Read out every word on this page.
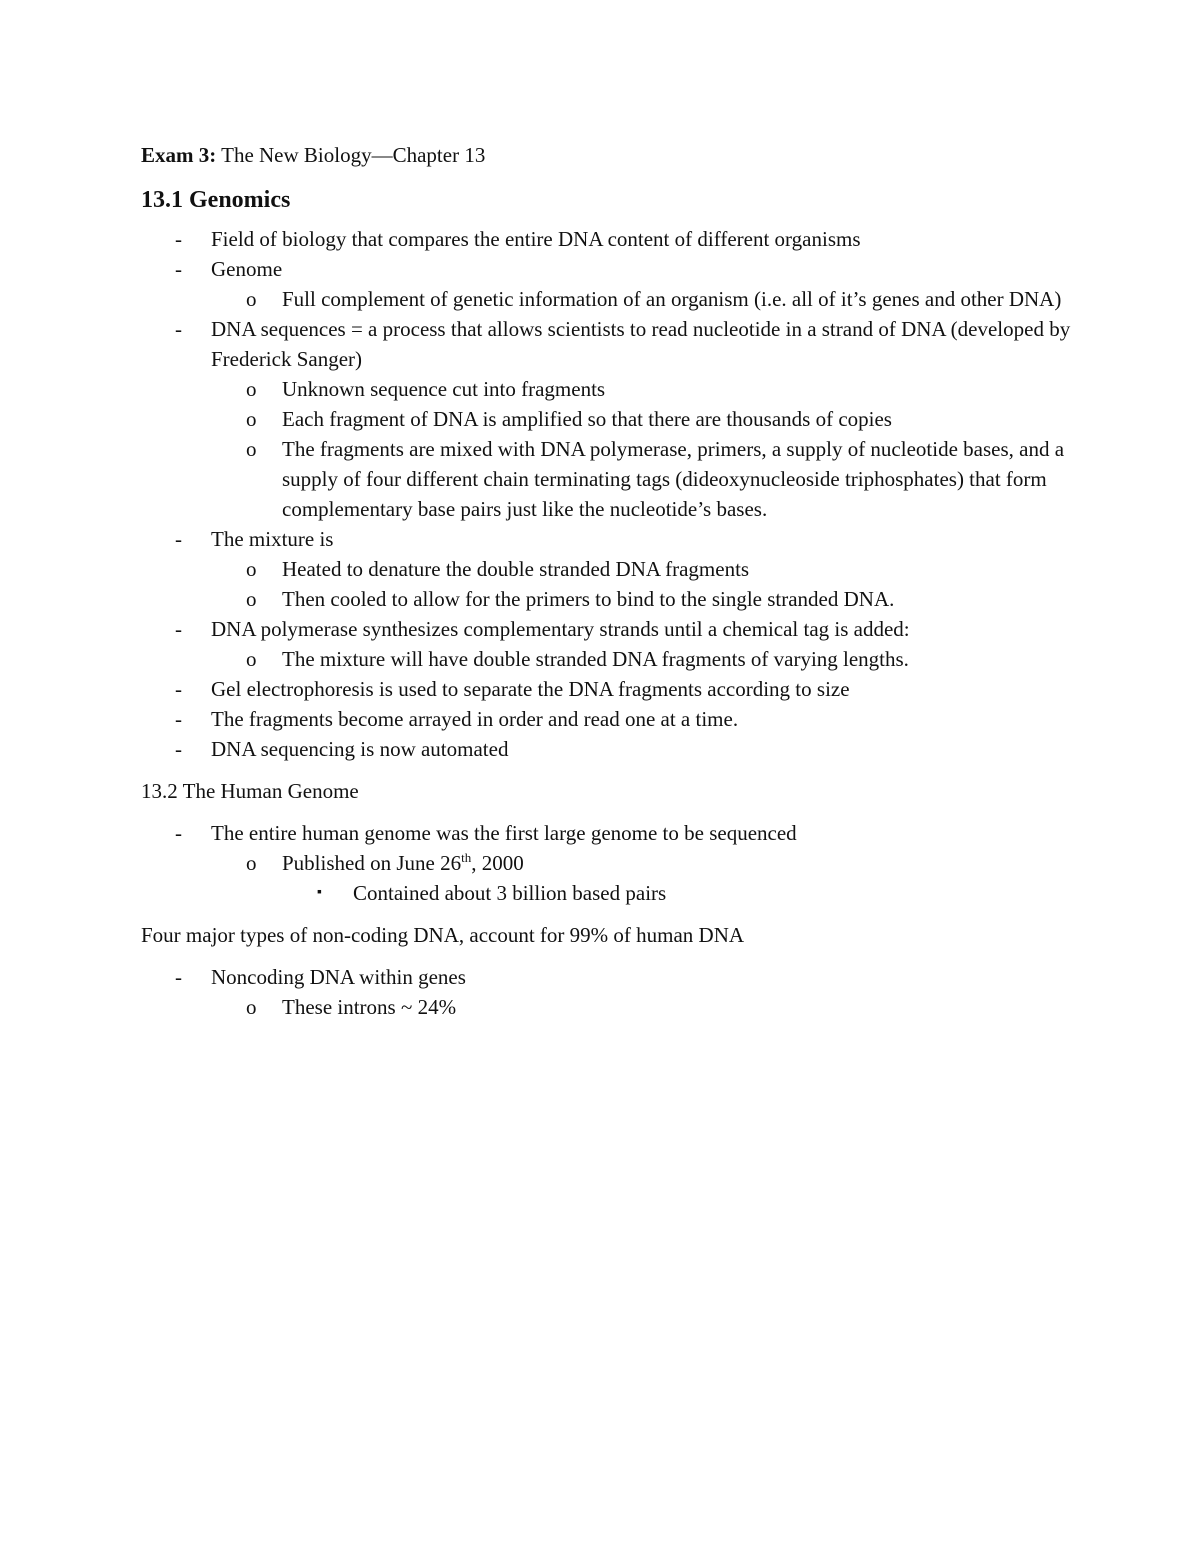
Exam 3: The New Biology—Chapter 13
13.1 Genomics
-	Field of biology that compares the entire DNA content of different organisms
-	Genome
o	Full complement of genetic information of an organism (i.e. all of it’s genes and other DNA)
-	DNA sequences = a process that allows scientists to read nucleotide in a strand of DNA (developed by Frederick Sanger)
o	Unknown sequence cut into fragments
o	Each fragment of DNA is amplified so that there are thousands of copies
o	The fragments are mixed with DNA polymerase, primers, a supply of nucleotide bases, and a supply of four different chain terminating tags (dideoxynucleoside triphosphates) that form complementary base pairs just like the nucleotide’s bases.
-	The mixture is
o	Heated to denature the double stranded DNA fragments
o	Then cooled to allow for the primers to bind to the single stranded DNA.
-	DNA polymerase synthesizes complementary strands until a chemical tag is added:
o	The mixture will have double stranded DNA fragments of varying lengths.
-	Gel electrophoresis is used to separate the DNA fragments according to size
-	The fragments become arrayed in order and read one at a time.
-	DNA sequencing is now automated
13.2 The Human Genome
-	The entire human genome was the first large genome to be sequenced
o	Published on June 26th, 2000
▪	Contained about 3 billion based pairs
Four major types of non-coding DNA, account for 99% of human DNA
-	Noncoding DNA within genes
o	These introns ~ 24%
